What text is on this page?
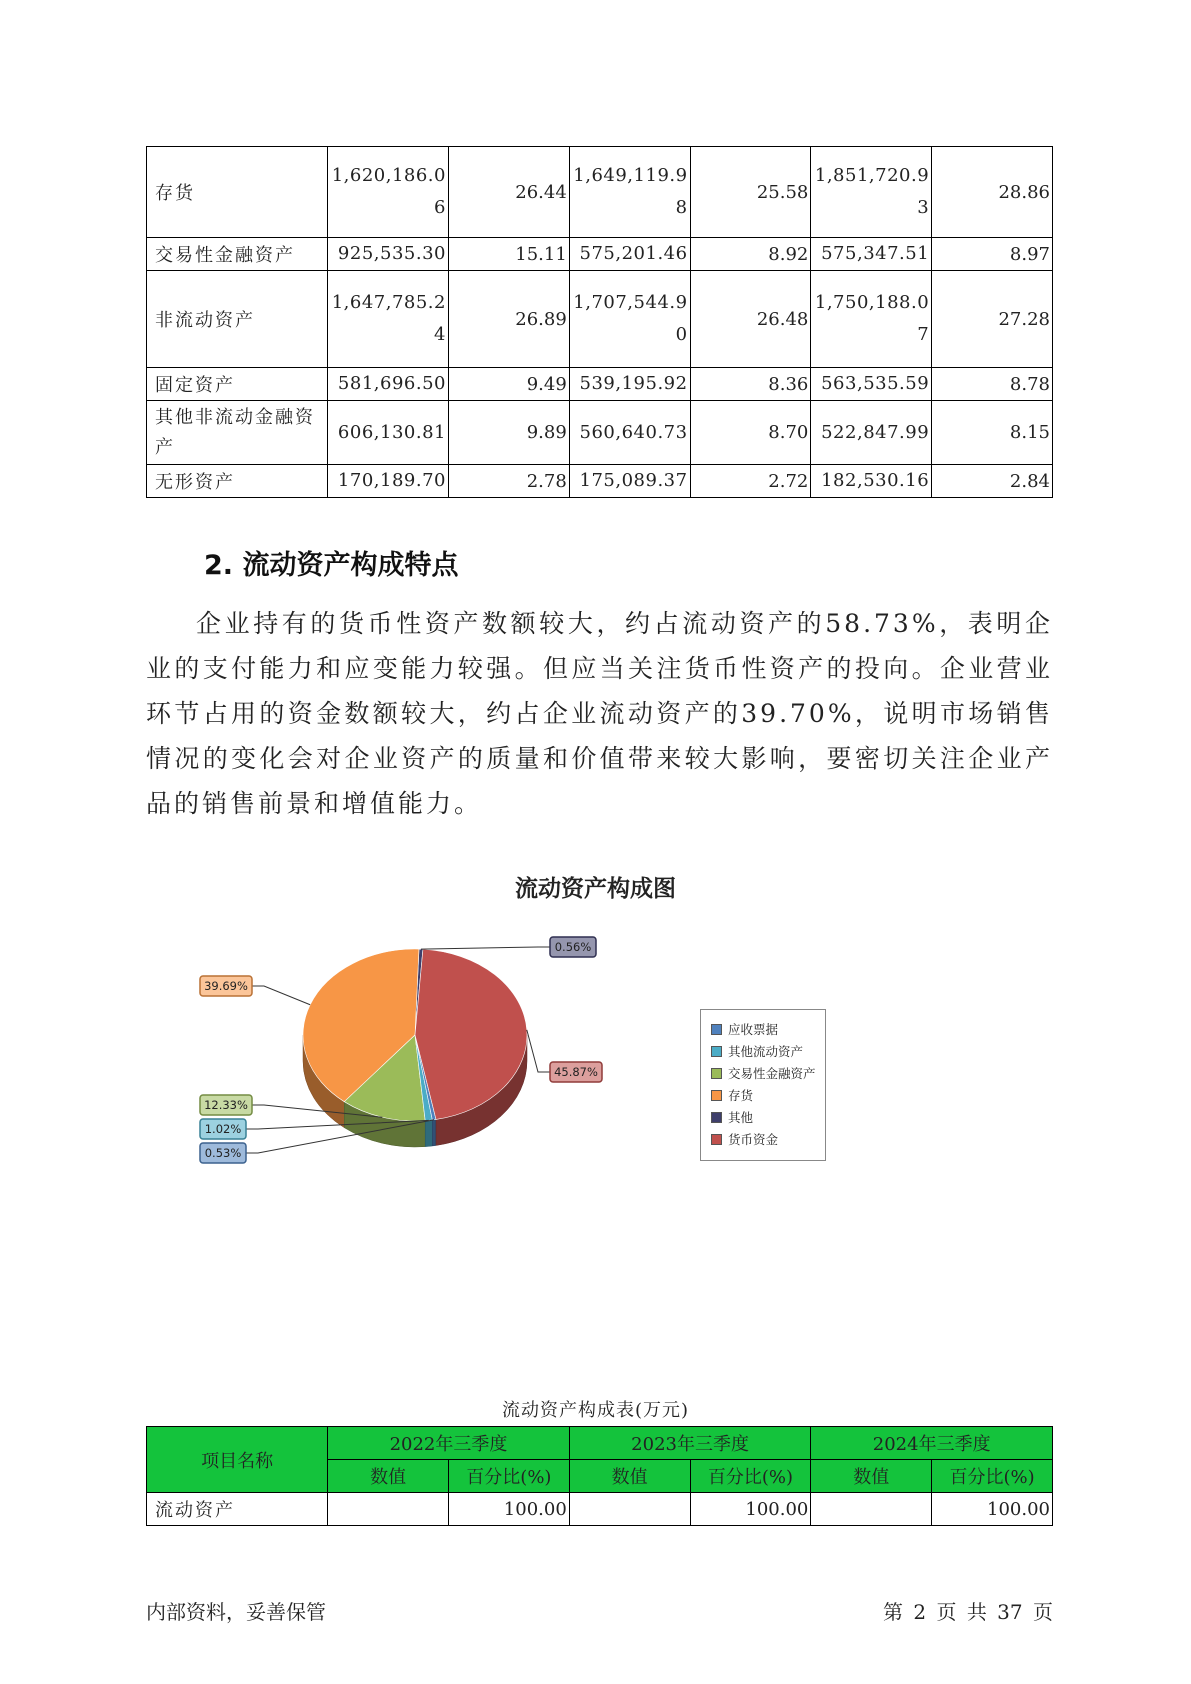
存货	1,620,186.06	26.44	1,649,119.98	25.58	1,851,720.93	28.86
交易性金融资产	925,535.30	15.11	575,201.46	8.92	575,347.51	8.97
非流动资产	1,647,785.24	26.89	1,707,544.90	26.48	1,750,188.07	27.28
固定资产	581,696.50	9.49	539,195.92	8.36	563,535.59	8.78
其他非流动金融资产	606,130.81	9.89	560,640.73	8.70	522,847.99	8.15
无形资产	170,189.70	2.78	175,089.37	2.72	182,530.16	2.84
2. 流动资产构成特点

企业持有的货币性资产数额较大，约占流动资产的58.73%，表明企业的支付能力和应变能力较强。但应当关注货币性资产的投向。企业营业环节占用的资金数额较大，约占企业流动资产的39.70%，说明市场销售情况的变化会对企业资产的质量和价值带来较大影响，要密切关注企业产品的销售前景和增值能力。

流动资产构成图
0.56%
39.69%
12.33%
1.02%
0.53%
45.87%
应收票据
其他流动资产
交易性金融资产
存货
其他
货币资金
流动资产构成表(万元)
项目名称	2022年三季度		2023年三季度		2024年三季度	
	数值	百分比(%)	数值	百分比(%)	数值	百分比(%)
流动资产		100.00		100.00		100.00
内部资料，妥善保管	第 2 页 共 37 页
